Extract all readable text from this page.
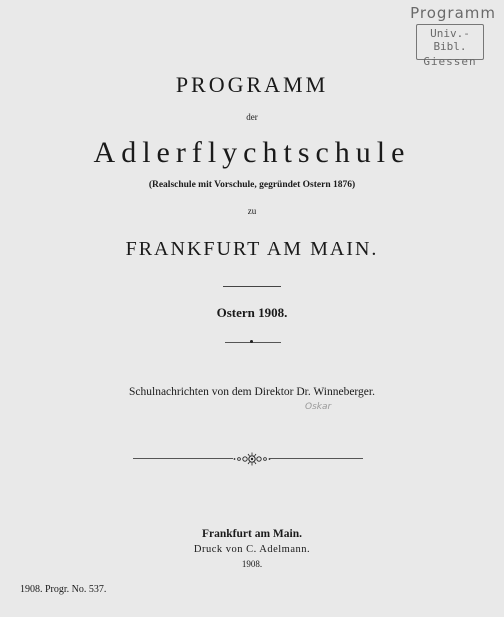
Programm
Univ.-Bibl.
Giessen
PROGRAMM
der
Adlerflychtschule
(Realschule mit Vorschule, gegründet Ostern 1876)
zu
FRANKFURT AM MAIN.
Ostern 1908.
Schulnachrichten von dem Direktor Dr. Winneberger.
Oskar
Frankfurt am Main.
Druck von C. Adelmann.
1908.
1908. Progr. No. 537.
